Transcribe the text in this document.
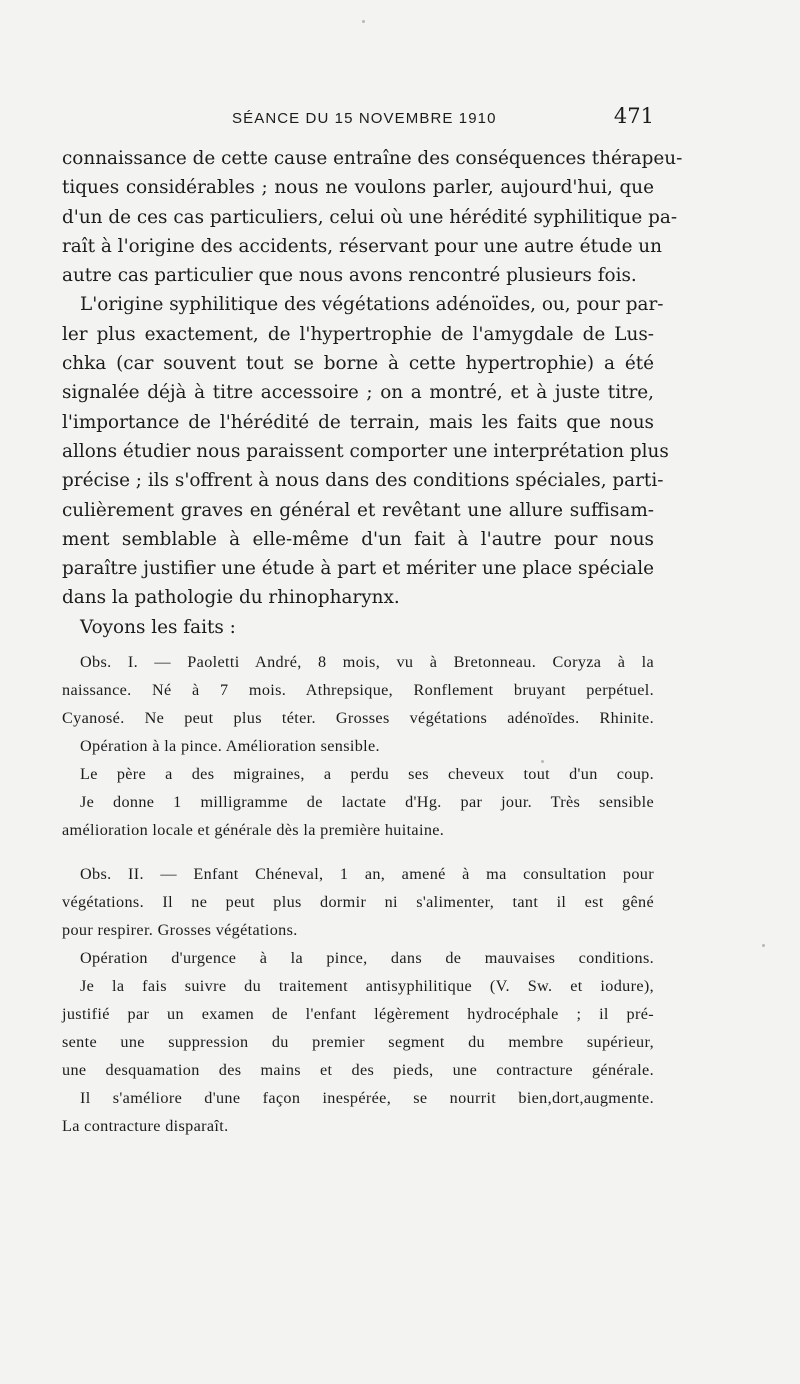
SÉANCE DU 15 NOVEMBRE 1910	471
connaissance de cette cause entraîne des conséquences thérapeu-
tiques considérables ; nous ne voulons parler, aujourd'hui, que
d'un de ces cas particuliers, celui où une hérédité syphilitique pa-
raît à l'origine des accidents, réservant pour une autre étude un
autre cas particulier que nous avons rencontré plusieurs fois.
L'origine syphilitique des végétations adénoïdes, ou, pour par-
ler plus exactement, de l'hypertrophie de l'amygdale de Lus-
chka (car souvent tout se borne à cette hypertrophie) a été
signalée déjà à titre accessoire ; on a montré, et à juste titre,
l'importance de l'hérédité de terrain, mais les faits que nous
allons étudier nous paraissent comporter une interprétation plus
précise ; ils s'offrent à nous dans des conditions spéciales, parti-
culièrement graves en général et revêtant une allure suffisam-
ment semblable à elle-même d'un fait à l'autre pour nous
paraître justifier une étude à part et mériter une place spéciale
dans la pathologie du rhinopharynx.
Voyons les faits :
Obs. I. — Paoletti André, 8 mois, vu à Bretonneau. Coryza à la
naissance. Né à 7 mois. Athrepsique, Ronflement bruyant perpétuel.
Cyanosé. Ne peut plus téter. Grosses végétations adénoïdes. Rhinite.
Opération à la pince. Amélioration sensible.
Le père a des migraines, a perdu ses cheveux tout d'un coup.
Je donne 1 milligramme de lactate d'Hg. par jour. Très sensible
amélioration locale et générale dès la première huitaine.
Obs. II. — Enfant Chéneval, 1 an, amené à ma consultation pour
végétations. Il ne peut plus dormir ni s'alimenter, tant il est gêné
pour respirer. Grosses végétations.
Opération d'urgence à la pince, dans de mauvaises conditions.
Je la fais suivre du traitement antisyphilitique (V. Sw. et iodure),
justifié par un examen de l'enfant légèrement hydrocéphale ; il pré-
sente une suppression du premier segment du membre supérieur,
une desquamation des mains et des pieds, une contracture générale.
Il s'améliore d'une façon inespérée, se nourrit bien,dort,augmente.
La contracture disparaît.
